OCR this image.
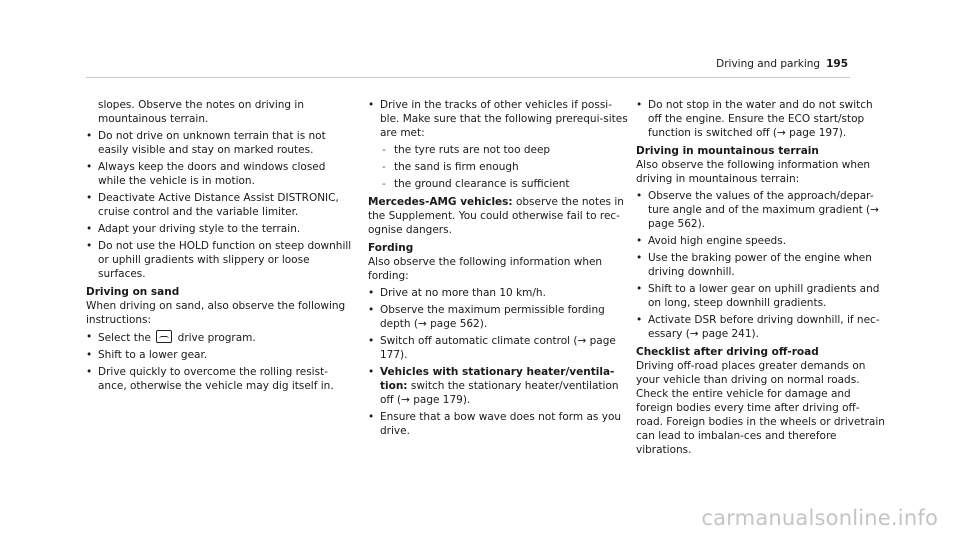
Driving and parking 195

slopes. Observe the notes on driving in mountainous terrain.

• Do not drive on unknown terrain that is not easily visible and stay on marked routes.
• Always keep the doors and windows closed while the vehicle is in motion.
• Deactivate Active Distance Assist DISTRONIC, cruise control and the variable limiter.
• Adapt your driving style to the terrain.
• Do not use the HOLD function on steep downhill or uphill gradients with slippery or loose surfaces.

Driving on sand

When driving on sand, also observe the following instructions:

• Select the	drive program.
• Shift to a lower gear.
• Drive quickly to overcome the rolling resist-ance, otherwise the vehicle may dig itself in.
• Drive in the tracks of other vehicles if possi-ble. Make sure that the following prerequi-sites are met:
- the tyre ruts are not too deep
- the sand is firm enough
- the ground clearance is sufficient

Mercedes-AMG vehicles: observe the notes in the Supplement. You could otherwise fail to rec-ognise dangers.

Fording

Also observe the following information when fording:

• Drive at no more than 10 km/h.
• Observe the maximum permissible fording depth (→ page 562).
• Switch off automatic climate control (→ page 177).
• Vehicles with stationary heater/ventila-tion: switch the stationary heater/ventilation off (→ page 179).
• Ensure that a bow wave does not form as you drive.
• Do not stop in the water and do not switch off the engine. Ensure the ECO start/stop function is switched off (→ page 197).

Driving in mountainous terrain

Also observe the following information when driving in mountainous terrain:

• Observe the values of the approach/depar-ture angle and of the maximum gradient (→ page 562).
• Avoid high engine speeds.
• Use the braking power of the engine when driving downhill.
• Shift to a lower gear on uphill gradients and on long, steep downhill gradients.
• Activate DSR before driving downhill, if nec-essary (→ page 241).

Checklist after driving off-road

Driving off-road places greater demands on your vehicle than driving on normal roads. Check the entire vehicle for damage and foreign bodies every time after driving off-road. Foreign bodies in the wheels or drivetrain can lead to imbalan-ces and therefore vibrations.

carmanualsonline.info
